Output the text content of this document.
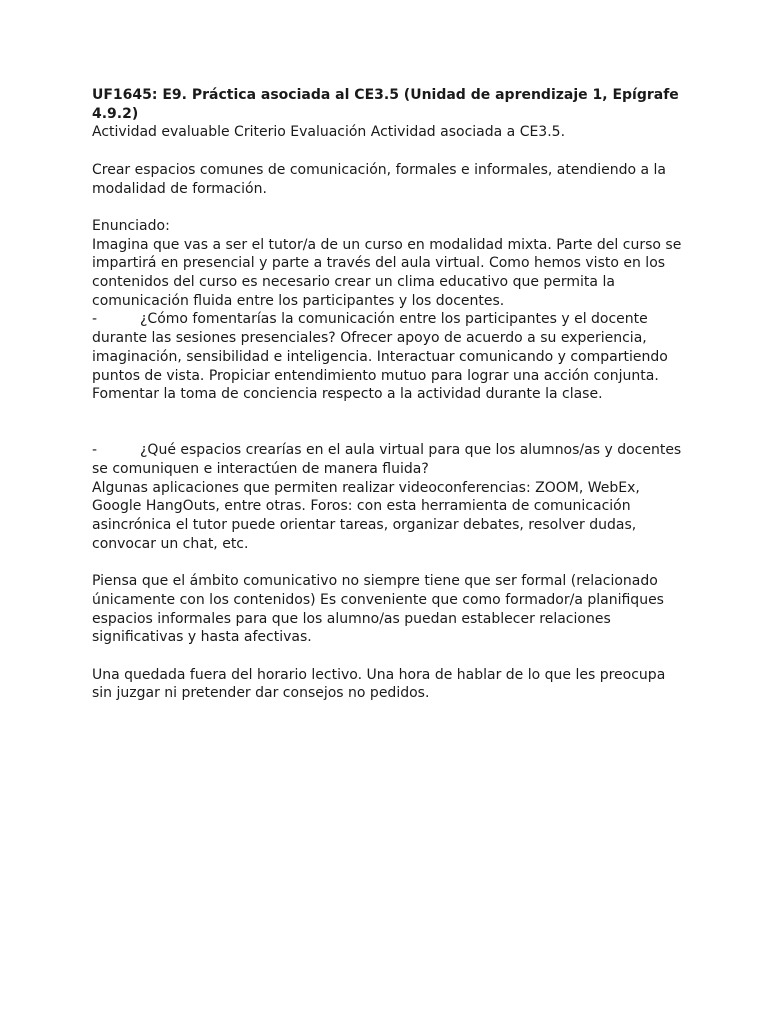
UF1645: E9. Práctica asociada al CE3.5 (Unidad de aprendizaje 1, Epígrafe 4.9.2)

Actividad evaluable Criterio Evaluación Actividad asociada a CE3.5.

Crear espacios comunes de comunicación, formales e informales, atendiendo a la modalidad de formación.

Enunciado:

Imagina que vas a ser el tutor/a de un curso en modalidad mixta. Parte del curso se impartirá en presencial y parte a través del aula virtual. Como hemos visto en los contenidos del curso es necesario crear un clima educativo que permita la comunicación fluida entre los participantes y los docentes.

-	¿Cómo fomentarías la comunicación entre los participantes y el docente durante las sesiones presenciales? Ofrecer apoyo de acuerdo a su experiencia, imaginación, sensibilidad e inteligencia. Interactuar comunicando y compartiendo puntos de vista. Propiciar entendimiento mutuo para lograr una acción conjunta. Fomentar la toma de conciencia respecto a la actividad durante la clase.

-	¿Qué espacios crearías en el aula virtual para que los alumnos/as y docentes se comuniquen e interactúen de manera fluida?

Algunas aplicaciones que permiten realizar videoconferencias: ZOOM, WebEx, Google HangOuts, entre otras. Foros: con esta herramienta de comunicación asincrónica el tutor puede orientar tareas, organizar debates, resolver dudas, convocar un chat, etc.

Piensa que el ámbito comunicativo no siempre tiene que ser formal (relacionado únicamente con los contenidos) Es conveniente que como formador/a planifiques espacios informales para que los alumno/as puedan establecer relaciones significativas y hasta afectivas.

Una quedada fuera del horario lectivo. Una hora de hablar de lo que les preocupa sin juzgar ni pretender dar consejos no pedidos.
